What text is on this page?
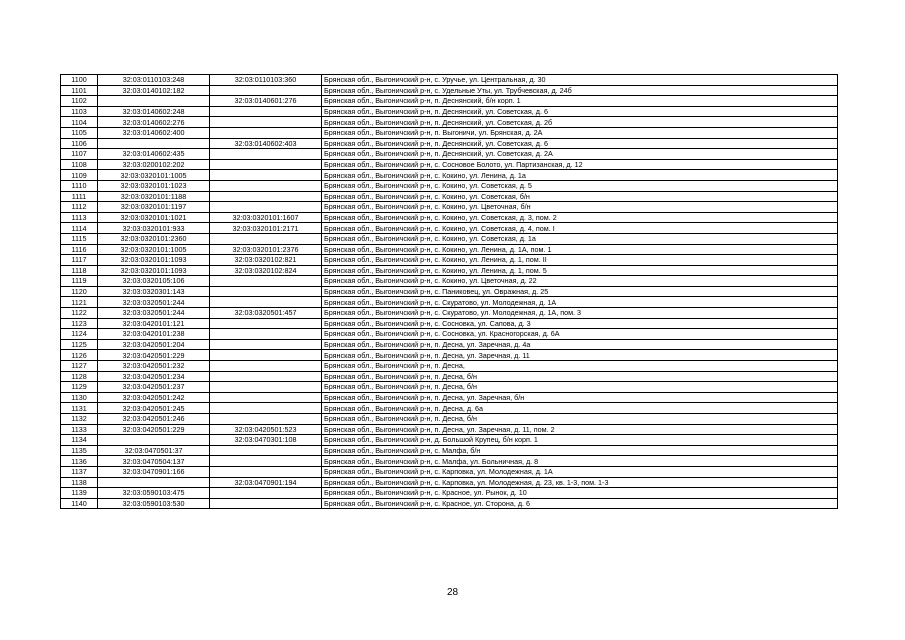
1100	32:03:0110103:248	32:03:0110103:360	Брянская обл., Выгоничский р-н, с. Уручье, ул. Центральная, д. 30
1101	32:03:0140102:182		Брянская обл., Выгоничский р-н, с. Удельные Уты, ул. Трубчевская, д. 24б
1102		32:03:0140601:276	Брянская обл., Выгоничский р-н, п. Деснянский, б/н корп. 1
1103	32:03:0140602:248		Брянская обл., Выгоничский р-н, п. Деснянский, ул. Советская, д. 6
1104	32:03:0140602:276		Брянская обл., Выгоничский р-н, п. Деснянский, ул. Советская, д. 2б
1105	32:03:0140602:400		Брянская обл., Выгоничский р-н, п. Выгоничи, ул. Брянская, д. 2А
1106		32:03:0140602:403	Брянская обл., Выгоничский р-н, п. Деснянский, ул. Советская, д. 6
1107	32:03:0140602:435		Брянская обл., Выгоничский р-н, п. Деснянский, ул. Советская, д. 2А
1108	32:03:0200102:202		Брянская обл., Выгоничский р-н, с. Сосновое Болото, ул. Партизанская, д. 12
1109	32:03:0320101:1005		Брянская обл., Выгоничский р-н, с. Кокино, ул. Ленина, д. 1а
1110	32:03:0320101:1023		Брянская обл., Выгоничский р-н, с. Кокино, ул. Советская, д. 5
1111	32:03:0320101:1188		Брянская обл., Выгоничский р-н, с. Кокино, ул. Советская, б/н
1112	32:03:0320101:1197		Брянская обл., Выгоничский р-н, с. Кокино, ул. Цветочная, б/н
1113	32:03:0320101:1021	32:03:0320101:1607	Брянская обл., Выгоничский р-н, с. Кокино, ул. Советская, д. 3, пом. 2
1114	32:03:0320101:933	32:03:0320101:2171	Брянская обл., Выгоничский р-н, с. Кокино, ул. Советская, д. 4, пом. I
1115	32:03:0320101:2360		Брянская обл., Выгоничский р-н, с. Кокино, ул. Советская, д. 1а
1116	32:03:0320101:1005	32:03:0320101:2376	Брянская обл., Выгоничский р-н, с. Кокино, ул. Ленина, д. 1А, пом. 1
1117	32:03:0320101:1093	32:03:0320102:821	Брянская обл., Выгоничский р-н, с. Кокино, ул. Ленина, д. 1, пом. II
1118	32:03:0320101:1093	32:03:0320102:824	Брянская обл., Выгоничский р-н, с. Кокино, ул. Ленина, д. 1, пом. 5
1119	32:03:0320105:106		Брянская обл., Выгоничский р-н, с. Кокино, ул. Цветочная, д. 22
1120	32:03:0320301:143		Брянская обл., Выгоничский р-н, с. Паниковец, ул. Овражная, д. 25
1121	32:03:0320501:244		Брянская обл., Выгоничский р-н, с. Скуратово, ул. Молодежная, д. 1А
1122	32:03:0320501:244	32:03:0320501:457	Брянская обл., Выгоничский р-н, с. Скуратово, ул. Молодежная, д. 1А, пом. 3
1123	32:03:0420101:121		Брянская обл., Выгоничский р-н, с. Сосновка, ул. Сапова, д. 3
1124	32:03:0420101:238		Брянская обл., Выгоничский р-н, с. Сосновка, ул. Красногорская, д. 6А
1125	32:03:0420501:204		Брянская обл., Выгоничский р-н, п. Десна, ул. Заречная, д. 4а
1126	32:03:0420501:229		Брянская обл., Выгоничский р-н, п. Десна, ул. Заречная, д. 11
1127	32:03:0420501:232		Брянская обл., Выгоничский р-н, п. Десна,
1128	32:03:0420501:234		Брянская обл., Выгоничский р-н, п. Десна, б/н
1129	32:03:0420501:237		Брянская обл., Выгоничский р-н, п. Десна, б/н
1130	32:03:0420501:242		Брянская обл., Выгоничский р-н, п. Десна, ул. Заречная, б/н
1131	32:03:0420501:245		Брянская обл., Выгоничский р-н, п. Десна, д. 6а
1132	32:03:0420501:246		Брянская обл., Выгоничский р-н, п. Десна, б/н
1133	32:03:0420501:229	32:03:0420501:523	Брянская обл., Выгоничский р-н, п. Десна, ул. Заречная, д. 11, пом. 2
1134		32:03:0470301:108	Брянская обл., Выгоничский р-н, д. Большой Крупец, б/н корп. 1
1135	32:03:0470501:37		Брянская обл., Выгоничский р-н, с. Малфа, б/н
1136	32:03:0470504:137		Брянская обл., Выгоничский р-н, с. Малфа, ул. Больничная, д. 8
1137	32:03:0470901:166		Брянская обл., Выгоничский р-н, с. Карповка, ул. Молодежная, д. 1А
1138		32:03:0470901:194	Брянская обл., Выгоничский р-н, с. Карповка, ул. Молодежная, д. 23, кв. 1-3, пом. 1-3
1139	32:03:0590103:475		Брянская обл., Выгоничский р-н, с. Красное, ул. Рынок, д. 10
1140	32:03:0590103:530		Брянская обл., Выгоничский р-н, с. Красное, ул. Сторона, д. 6
28
